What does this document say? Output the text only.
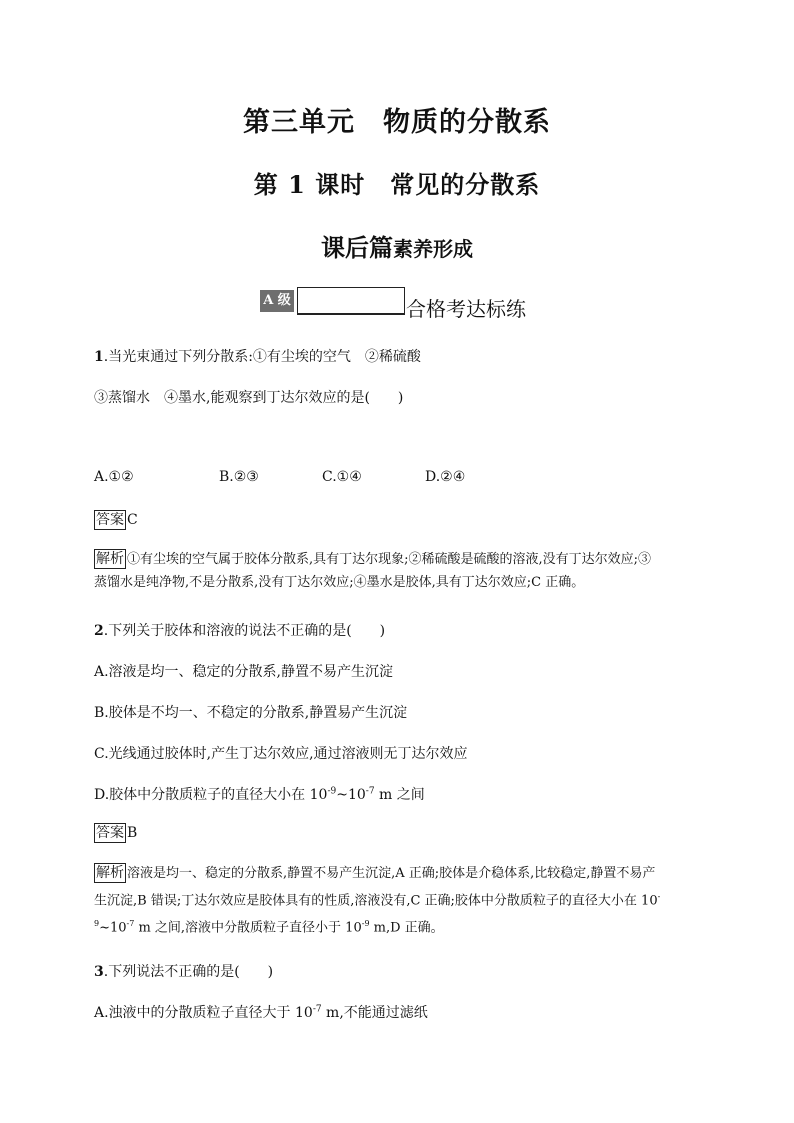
第三单元　物质的分散系
第 1 课时　常见的分散系
课后篇素养形成
A 级	合格考达标练
1.当光束通过下列分散系:①有尘埃的空气　②稀硫酸
③蒸馏水　④墨水,能观察到丁达尔效应的是(　　)
A.①②	B.②③	C.①④	D.②④
答案 C
解析 ①有尘埃的空气属于胶体分散系,具有丁达尔现象;②稀硫酸是硫酸的溶液,没有丁达尔效应;③
蒸馏水是纯净物,不是分散系,没有丁达尔效应;④墨水是胶体,具有丁达尔效应;C 正确。
2.下列关于胶体和溶液的说法不正确的是(　　)
A.溶液是均一、稳定的分散系,静置不易产生沉淀
B.胶体是不均一、不稳定的分散系,静置易产生沉淀
C.光线通过胶体时,产生丁达尔效应,通过溶液则无丁达尔效应
D.胶体中分散质粒子的直径大小在 $10^{-9}\sim 10^{-7}$ m 之间
答案 B
解析 溶液是均一、稳定的分散系,静置不易产生沉淀,A 正确;胶体是介稳体系,比较稳定,静置不易产
生沉淀,B 错误;丁达尔效应是胶体具有的性质,溶液没有,C 正确;胶体中分散质粒子的直径大小在 10-
$^9\sim 10^{-7}$ m 之间,溶液中分散质粒子直径小于 $10^{-9}$ m,D 正确。
3.下列说法不正确的是(　　)
A.浊液中的分散质粒子直径大于 $10^{-7}$ m,不能通过滤纸
